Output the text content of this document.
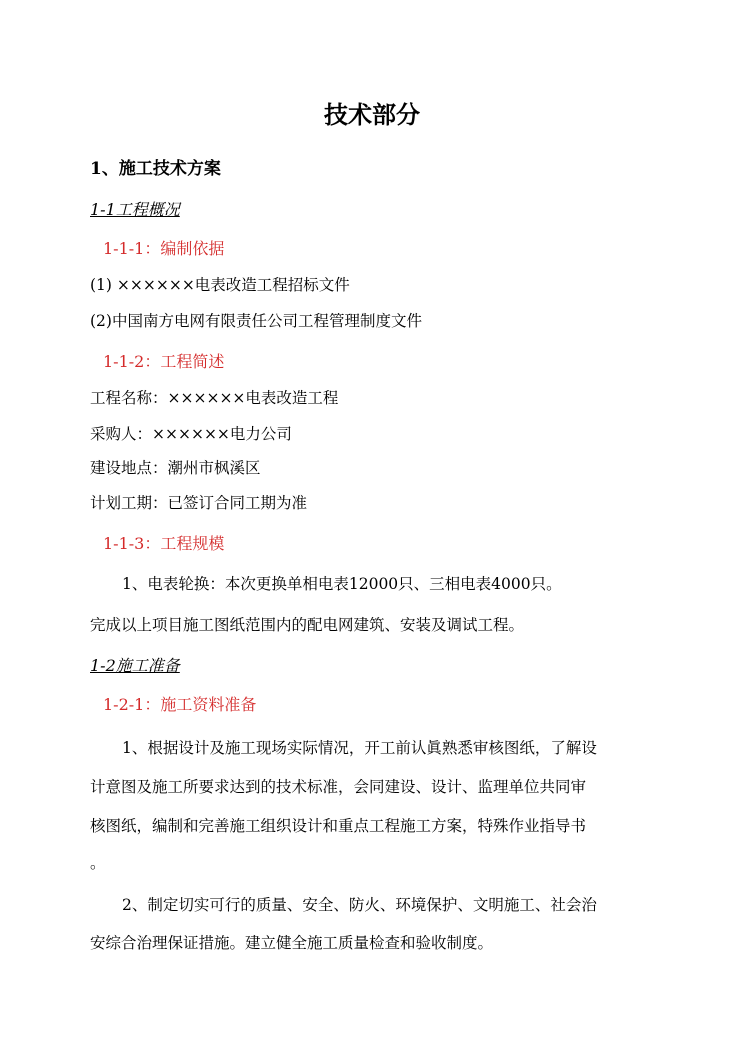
技术部分
1、施工技术方案
1-1工程概况
1-1-1：编制依据
(1) ××××××电表改造工程招标文件
(2)中国南方电网有限责任公司工程管理制度文件
1-1-2：工程简述
工程名称：××××××电表改造工程
采购人：××××××电力公司
建设地点：潮州市枫溪区
计划工期：已签订合同工期为准
1-1-3：工程规模
1、电表轮换：本次更换单相电表12000只、三相电表4000只。
完成以上项目施工图纸范围内的配电网建筑、安装及调试工程。
1-2施工准备
1-2-1：施工资料准备
1、根据设计及施工现场实际情况，开工前认眞熟悉审核图纸，了解设
计意图及施工所要求达到的技术标准，会同建设、设计、监理单位共同审
核图纸，编制和完善施工组织设计和重点工程施工方案，特殊作业指导书
。
2、制定切实可行的质量、安全、防火、环境保护、文明施工、社会治
安综合治理保证措施。建立健全施工质量检查和验收制度。
